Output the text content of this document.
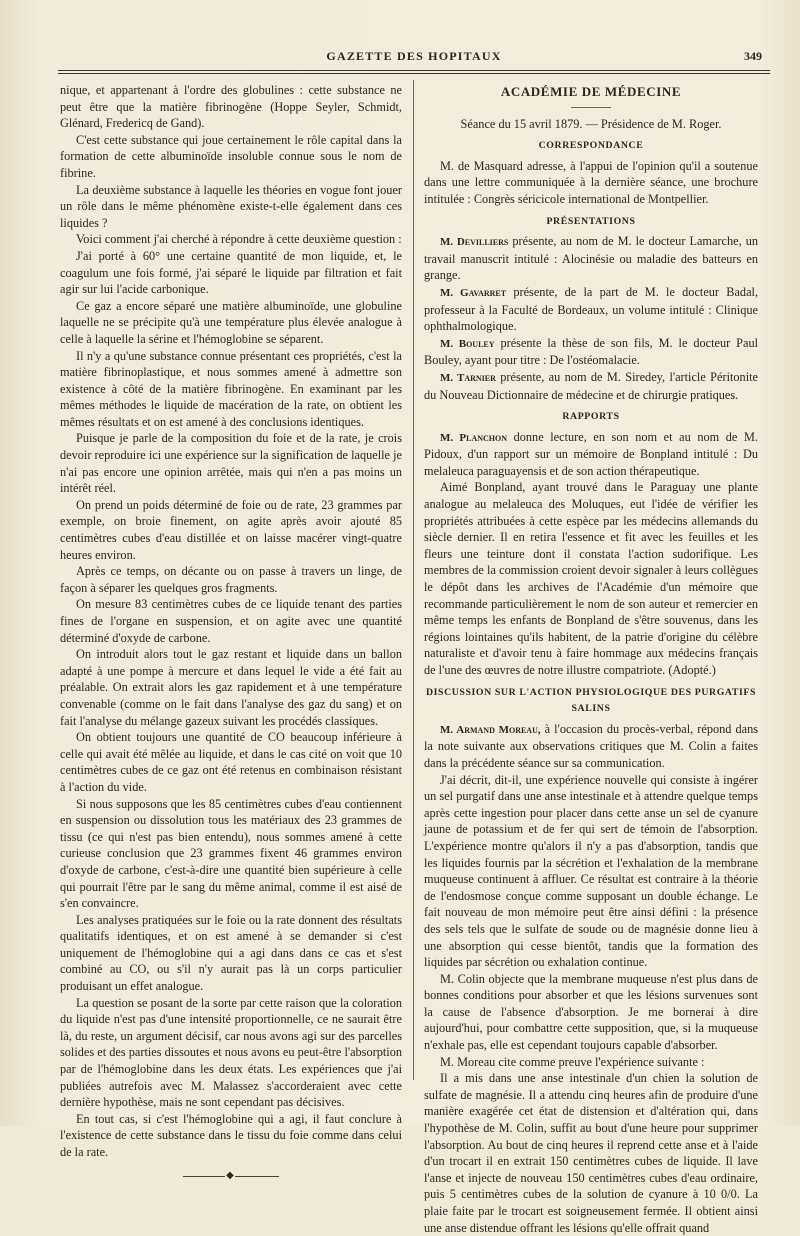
GAZETTE DES HOPITAUX	349

nique, et appartenant à l'ordre des globulines : cette substance ne peut être que la matière fibrinogène (Hoppe Seyler, Schmidt, Glénard, Fredericq de Gand).

C'est cette substance qui joue certainement le rôle capital dans la formation de cette albuminoïde insoluble connue sous le nom de fibrine.

La deuxième substance à laquelle les théories en vogue font jouer un rôle dans le même phénomène existe-t-elle également dans ces liquides ?

Voici comment j'ai cherché à répondre à cette deuxième question :

J'ai porté à 60° une certaine quantité de mon liquide, et, le coagulum une fois formé, j'ai séparé le liquide par filtration et fait agir sur lui l'acide carbonique.

Ce gaz a encore séparé une matière albuminoïde, une globuline laquelle ne se précipite qu'à une température plus élevée analogue à celle à laquelle la sérine et l'hémoglobine se séparent.

Il n'y a qu'une substance connue présentant ces propriétés, c'est la matière fibrinoplastique, et nous sommes amené à admettre son existence à côté de la matière fibrinogène. En examinant par les mêmes méthodes le liquide de macération de la rate, on obtient les mêmes résultats et on est amené à des conclusions identiques.

Puisque je parle de la composition du foie et de la rate, je crois devoir reproduire ici une expérience sur la signification de laquelle je n'ai pas encore une opinion arrêtée, mais qui n'en a pas moins un intérêt réel.

On prend un poids déterminé de foie ou de rate, 23 grammes par exemple, on broie finement, on agite après avoir ajouté 85 centimètres cubes d'eau distillée et on laisse macérer vingt-quatre heures environ.

Après ce temps, on décante ou on passe à travers un linge, de façon à séparer les quelques gros fragments.

On mesure 83 centimètres cubes de ce liquide tenant des parties fines de l'organe en suspension, et on agite avec une quantité déterminé d'oxyde de carbone.

On introduit alors tout le gaz restant et liquide dans un ballon adapté à une pompe à mercure et dans lequel le vide a été fait au préalable. On extrait alors les gaz rapidement et à une température convenable (comme on le fait dans l'analyse des gaz du sang) et on fait l'analyse du mélange gazeux suivant les procédés classiques.

On obtient toujours une quantité de CO beaucoup inférieure à celle qui avait été mêlée au liquide, et dans le cas cité on voit que 10 centimètres cubes de ce gaz ont été retenus en combinaison résistant à l'action du vide.

Si nous supposons que les 85 centimètres cubes d'eau contiennent en suspension ou dissolution tous les matériaux des 23 grammes de tissu (ce qui n'est pas bien entendu), nous sommes amené à cette curieuse conclusion que 23 grammes fixent 46 grammes environ d'oxyde de carbone, c'est-à-dire une quantité bien supérieure à celle qui pourrait l'être par le sang du même animal, comme il est aisé de s'en convaincre.

Les analyses pratiquées sur le foie ou la rate donnent des résultats qualitatifs identiques, et on est amené à se demander si c'est uniquement de l'hémoglobine qui a agi dans dans ce cas et s'est combiné au CO, ou s'il n'y aurait pas là un corps particulier produisant un effet analogue.

La question se posant de la sorte par cette raison que la coloration du liquide n'est pas d'une intensité proportionnelle, ce ne saurait être là, du reste, un argument décisif, car nous avons agi sur des parcelles solides et des parties dissoutes et nous avons eu peut-être l'absorption par de l'hémoglobine dans les deux états. Les expériences que j'ai publiées autrefois avec M. Malassez s'accorderaient avec cette dernière hypothèse, mais ne sont cependant pas décisives.

En tout cas, si c'est l'hémoglobine qui a agi, il faut conclure à l'existence de cette substance dans le tissu du foie comme dans celui de la rate.

◆
ACADÉMIE DE MÉDECINE
Séance du 15 avril 1879. — Présidence de M. Roger.
CORRESPONDANCE

M. de Masquard adresse, à l'appui de l'opinion qu'il a soutenue dans une lettre communiquée à la dernière séance, une brochure intitulée : Congrès séricicole international de Montpellier.

PRÉSENTATIONS

M. Devilliers présente, au nom de M. le docteur Lamarche, un travail manuscrit intitulé : Alocinésie ou maladie des batteurs en grange.

M. Gavarret présente, de la part de M. le docteur Badal, professeur à la Faculté de Bordeaux, un volume intitulé : Clinique ophthalmologique.

M. Bouley présente la thèse de son fils, M. le docteur Paul Bouley, ayant pour titre : De l'ostéomalacie.

M. Tarnier présente, au nom de M. Siredey, l'article Péritonite du Nouveau Dictionnaire de médecine et de chirurgie pratiques.

RAPPORTS

M. Planchon donne lecture, en son nom et au nom de M. Pidoux, d'un rapport sur un mémoire de Bonpland intitulé : Du melaleuca paraguayensis et de son action thérapeutique.

Aimé Bonpland, ayant trouvé dans le Paraguay une plante analogue au melaleuca des Moluques, eut l'idée de vérifier les propriétés attribuées à cette espèce par les médecins allemands du siècle dernier. Il en retira l'essence et fit avec les feuilles et les fleurs une teinture dont il constata l'action sudorifique. Les membres de la commission croient devoir signaler à leurs collègues le dépôt dans les archives de l'Académie d'un mémoire que recommande particulièrement le nom de son auteur et remercier en même temps les enfants de Bonpland de s'être souvenus, dans les régions lointaines qu'ils habitent, de la patrie d'origine du célèbre naturaliste et d'avoir tenu à faire hommage aux médecins français de l'une des œuvres de notre illustre compatriote. (Adopté.)

DISCUSSION SUR L'ACTION PHYSIOLOGIQUE DES PURGATIFS SALINS

M. Armand Moreau, à l'occasion du procès-verbal, répond dans la note suivante aux observations critiques que M. Colin a faites dans la précédente séance sur sa communication.

J'ai décrit, dit-il, une expérience nouvelle qui consiste à ingérer un sel purgatif dans une anse intestinale et à attendre quelque temps après cette ingestion pour placer dans cette anse un sel de cyanure jaune de potassium et de fer qui sert de témoin de l'absorption. L'expérience montre qu'alors il n'y a pas d'absorption, tandis que les liquides fournis par la sécrétion et l'exhalation de la membrane muqueuse continuent à affluer. Ce résultat est contraire à la théorie de l'endosmose conçue comme supposant un double échange. Le fait nouveau de mon mémoire peut être ainsi défini : la présence des sels tels que le sulfate de soude ou de magnésie donne lieu à une absorption qui cesse bientôt, tandis que la formation des liquides par sécrétion ou exhalation continue.

M. Colin objecte que la membrane muqueuse n'est plus dans de bonnes conditions pour absorber et que les lésions survenues sont la cause de l'absence d'absorption. Je me bornerai à dire aujourd'hui, pour combattre cette supposition, que, si la muqueuse n'exhale pas, elle est cependant toujours capable d'absorber.

M. Moreau cite comme preuve l'expérience suivante :

Il a mis dans une anse intestinale d'un chien la solution de sulfate de magnésie. Il a attendu cinq heures afin de produire d'une manière exagérée cet état de distension et d'altération qui, dans l'hypothèse de M. Colin, suffit au bout d'une heure pour supprimer l'absorption. Au bout de cinq heures il reprend cette anse et à l'aide d'un trocart il en extrait 150 centimètres cubes de liquide. Il lave l'anse et injecte de nouveau 150 centimètres cubes d'eau ordinaire, puis 5 centimètres cubes de la solution de cyanure à 10 0/0. La plaie faite par le trocart est soigneusement fermée. Il obtient ainsi une anse distendue offrant les lésions qu'elle offrait quand
